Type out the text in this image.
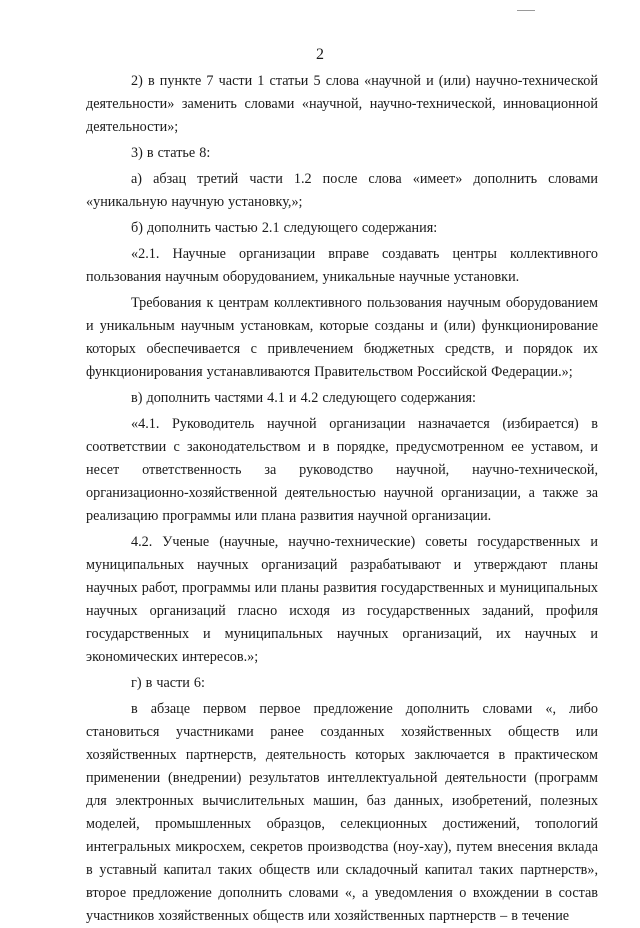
2

2) в пункте 7 части 1 статьи 5 слова «научной и (или) научно-технической деятельности» заменить словами «научной, научно-технической, инновационной деятельности»;

3) в статье 8:

а) абзац третий части 1.2 после слова «имеет» дополнить словами «уникальную научную установку,»;

б) дополнить частью 2.1 следующего содержания:

«2.1. Научные организации вправе создавать центры коллективного пользования научным оборудованием, уникальные научные установки.

Требования к центрам коллективного пользования научным оборудованием и уникальным научным установкам, которые созданы и (или) функционирование которых обеспечивается с привлечением бюджетных средств, и порядок их функционирования устанавливаются Правительством Российской Федерации.»;

в) дополнить частями 4.1 и 4.2 следующего содержания:

«4.1. Руководитель научной организации назначается (избирается) в соответствии с законодательством и в порядке, предусмотренном ее уставом, и несет ответственность за руководство научной, научно-технической, организационно-хозяйственной деятельностью научной организации, а также за реализацию программы или плана развития научной организации.

4.2. Ученые (научные, научно-технические) советы государственных и муниципальных научных организаций разрабатывают и утверждают планы научных работ, программы или планы развития государственных и муниципальных научных организаций гласно исходя из государственных заданий, профиля государственных и муниципальных научных организаций, их научных и экономических интересов.»;

г) в части 6:

в абзаце первом первое предложение дополнить словами «, либо становиться участниками ранее созданных хозяйственных обществ или хозяйственных партнерств, деятельность которых заключается в практическом применении (внедрении) результатов интеллектуальной деятельности (программ для электронных вычислительных машин, баз данных, изобретений, полезных моделей, промышленных образцов, селекционных достижений, топологий интегральных микросхем, секретов производства (ноу-хау), путем внесения вклада в уставный капитал таких обществ или складочный капитал таких партнерств», второе предложение дополнить словами «, а уведомления о вхождении в состав участников хозяйственных обществ или хозяйственных партнерств – в течение
